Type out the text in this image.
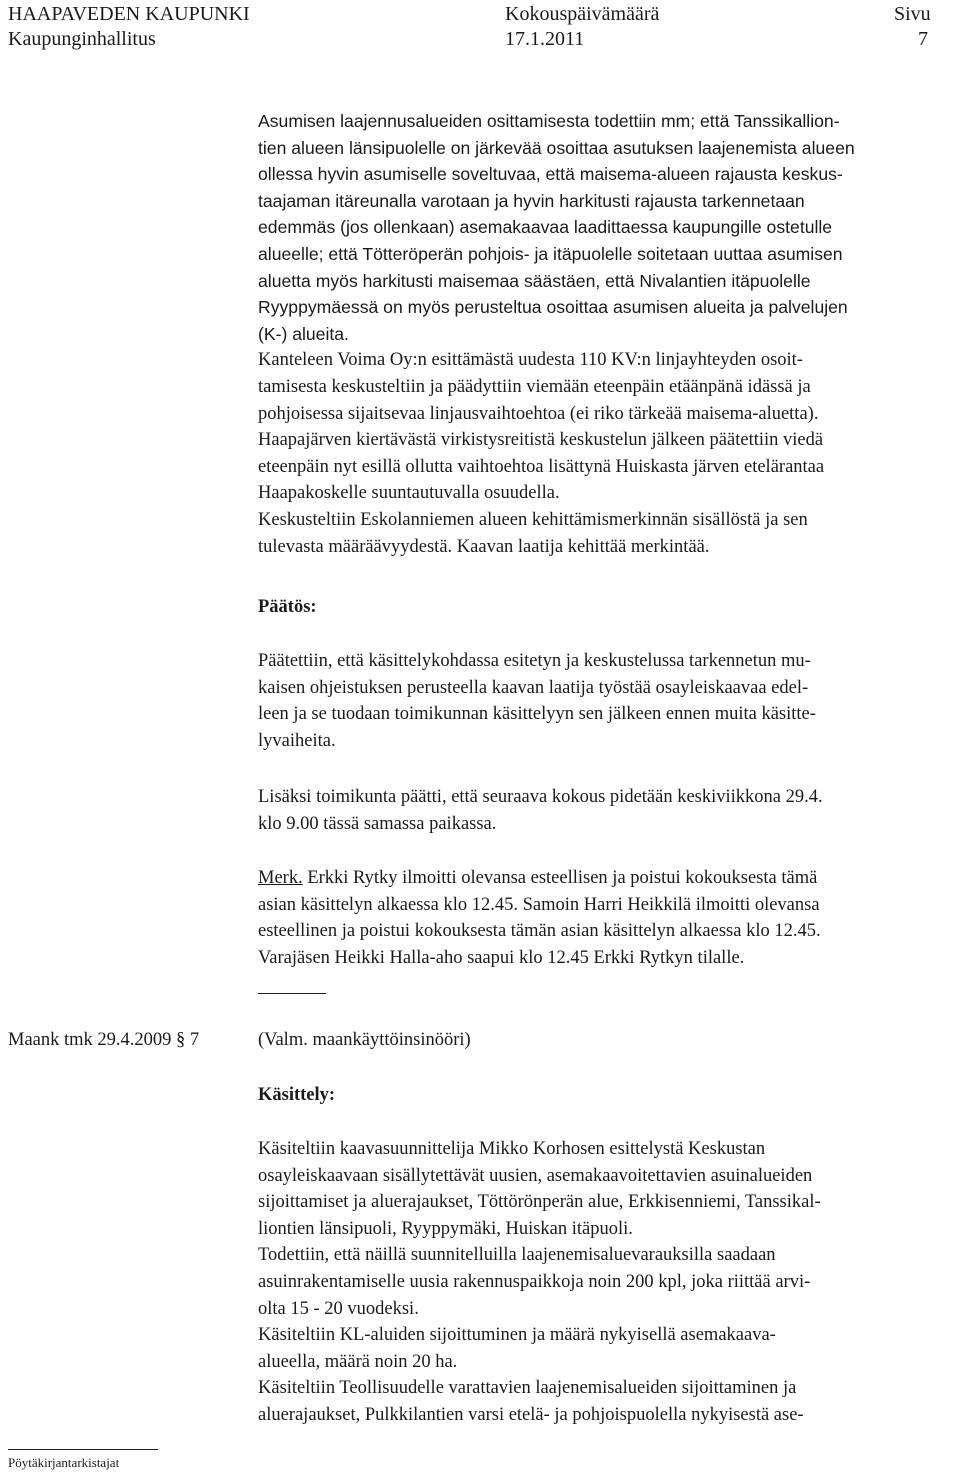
HAAPAVEDEN KAUPUNKI
Kaupunginhallitus
Kokouspäivämäärä
17.1.2011
Sivu
7
Asumisen laajennusalueiden osittamisesta todettiin mm; että Tanssikallion-
tien alueen länsipuolelle on järkevää osoittaa asutuksen laajenemista alueen
ollessa hyvin asumiselle soveltuvaa, että maisema-alueen rajausta keskus-
taajaman itäreunalla varotaan ja hyvin harkitusti rajausta tarkennetaan
edemmäs (jos ollenkaan) asemakaavaa laadittaessa kaupungille ostetulle
alueelle; että Tötteröperän pohjois- ja itäpuolelle soitetaan uuttaa asumisen
aluetta myös harkitusti maisemaa säästäen, että Nivalantien itäpuolelle
Ryyppymäessä on myös perusteltua osoittaa asumisen alueita ja palvelujen
(K-) alueita.
Kanteleen Voima Oy:n esittämästä uudesta 110 KV:n linjayhteyden osoit-
tamisesta keskusteltiin ja päädyttiin viemään eteenpäin etäänpänä idässä ja
pohjoisessa sijaitsevaa linjausvaihtoehtoa (ei riko tärkeää maisema-aluetta).
Haapajärven kiertävästä virkistysreitistä keskustelun jälkeen päätettiin viedä
eteenpäin nyt esillä ollutta vaihtoehtoa lisättynä Huiskasta järven etelärantaa
Haapakoskelle suuntautuvalla osuudella.
Keskusteltiin Eskolanniemen alueen kehittämismerkinnän sisällöstä ja sen
tulevasta määräävyydestä. Kaavan laatija kehittää merkintää.
Päätös:
Päätettiin, että käsittelykohdassa esitetyn ja keskustelussa tarkennetun mu-
kaisen ohjeistuksen perusteella kaavan laatija työstää osayleiskaavaa edel-
leen ja se tuodaan toimikunnan käsittelyyn sen jälkeen ennen muita käsitte-
lyvaiheita.
Lisäksi toimikunta päätti, että seuraava kokous pidetään keskiviikkona 29.4.
klo 9.00 tässä samassa paikassa.
Merk. Erkki Rytky ilmoitti olevansa esteellisen ja poistui kokouksesta tämä
asian käsittelyn alkaessa klo 12.45. Samoin Harri Heikkilä ilmoitti olevansa
esteellinen ja poistui kokouksesta tämän asian käsittelyn alkaessa klo 12.45.
Varajäsen Heikki Halla-aho saapui klo 12.45 Erkki Rytkyn tilalle.
Maank tmk 29.4.2009 § 7	(Valm. maankäyttöinsinööri)
Käsittely:
Käsiteltiin kaavasuunnittelija Mikko Korhosen esittelystä Keskustan
osayleiskaavaan sisällytettävät uusien, asemakaavoitettavien asuinalueiden
sijoittamiset ja aluerajaukset, Töttörönperän alue, Erkkisenniemi, Tanssikal-
liontien länsipuoli, Ryyppymäki, Huiskan itäpuoli.
Todettiin, että näillä suunnitelluilla laajenemisaluevarauksilla saadaan
asuinrakentamiselle uusia rakennuspaikkoja noin 200 kpl, joka riittää arvi-
olta 15 - 20 vuodeksi.
Käsiteltiin KL-aluiden sijoittuminen ja määrä nykyisellä asemakaava-
alueella, määrä noin 20 ha.
Käsiteltiin Teollisuudelle varattavien laajenemisalueiden sijoittaminen ja
aluerajaukset, Pulkkilantien varsi etelä- ja pohjoispuolella nykyisestä ase-
Pöytäkirjantarkistajat
